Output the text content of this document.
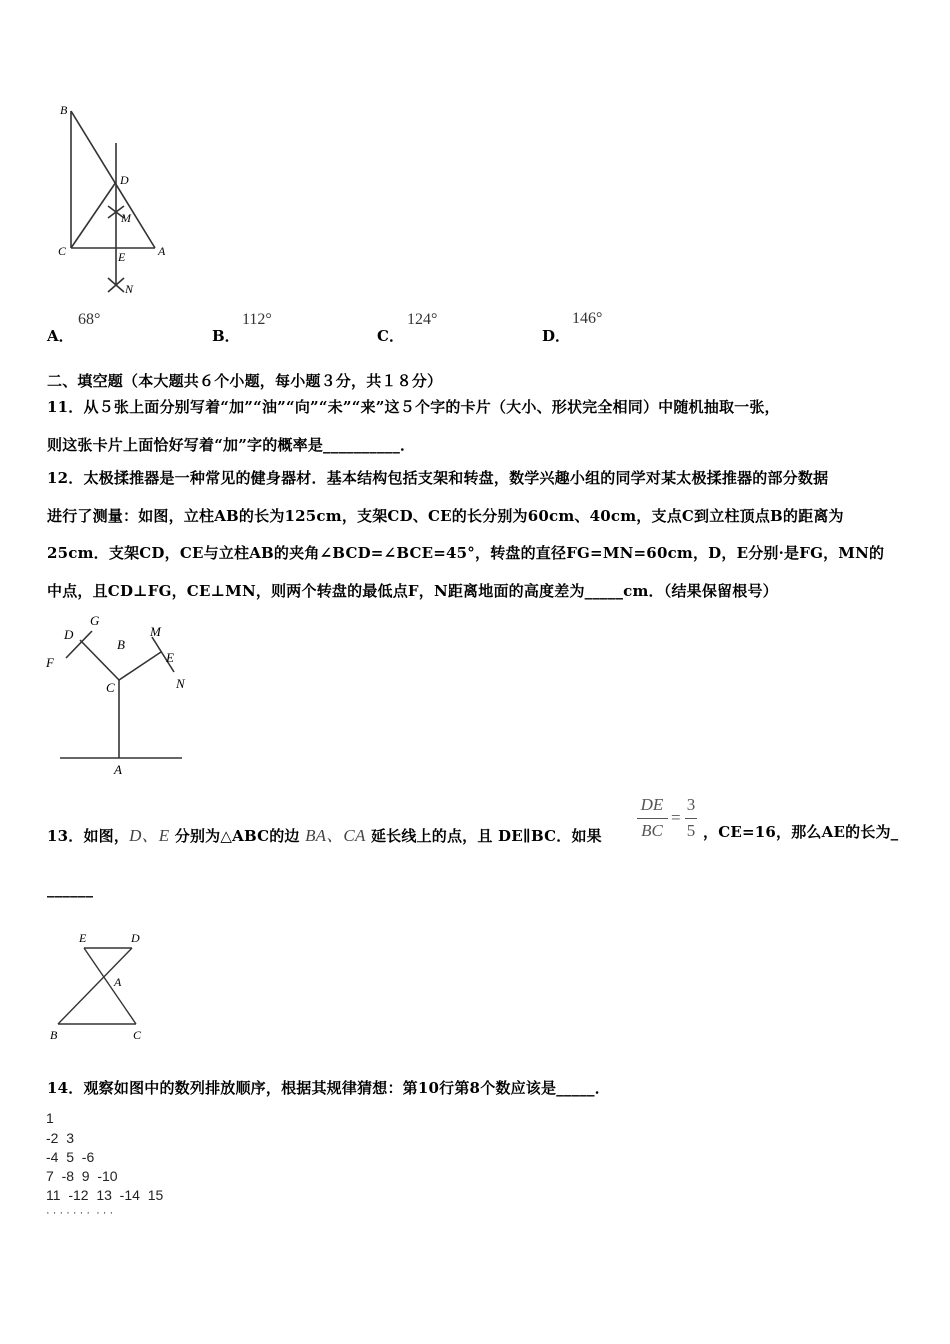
B
D
M
C	A
E
N
A．
68°
B．
112°
C．
124°
D．
146°
二、填空题（本大题共６个小题，每小题３分，共１８分）
11．从５张上面分别写着“加”“油”“向”“未”“来”这５个字的卡片（大小、形状完全相同）中随机抽取一张，
则这张卡片上面恰好写着“加”字的概率是__________．
12．太极揉推器是一种常见的健身器材．基本结构包括支架和转盘，数学兴趣小组的同学对某太极揉推器的部分数据
进行了测量：如图，立柱AB的长为125cm，支架CD、CE的长分别为60cm、40cm，支点C到立柱顶点B的距离为
25cm．支架CD，CE与立柱AB的夹角∠BCD=∠BCE=45°，转盘的直径FG=MN=60cm，D，E分别·是FG，MN的
中点，且CD⊥FG，CE⊥MN，则两个转盘的最低点F，N距离地面的高度差为_____cm．（结果保留根号）
D
G
B
M
E
F
C	N
A
13．如图，D、E 分别为△ABC的边 BA、CA 延长线上的点，且 DE∥BC．如果
DE
BC
=
3
5 ，CE=16，那么AE的长为_
______
E	D
A
B	C
14．观察如图中的数列排放顺序，根据其规律猜想：第10行第8个数应该是_____．
1
-2  3
-4  5  -6
7  -8  9  -10
11  -12  13  -14  15
· · · · · · ·  · · ·
